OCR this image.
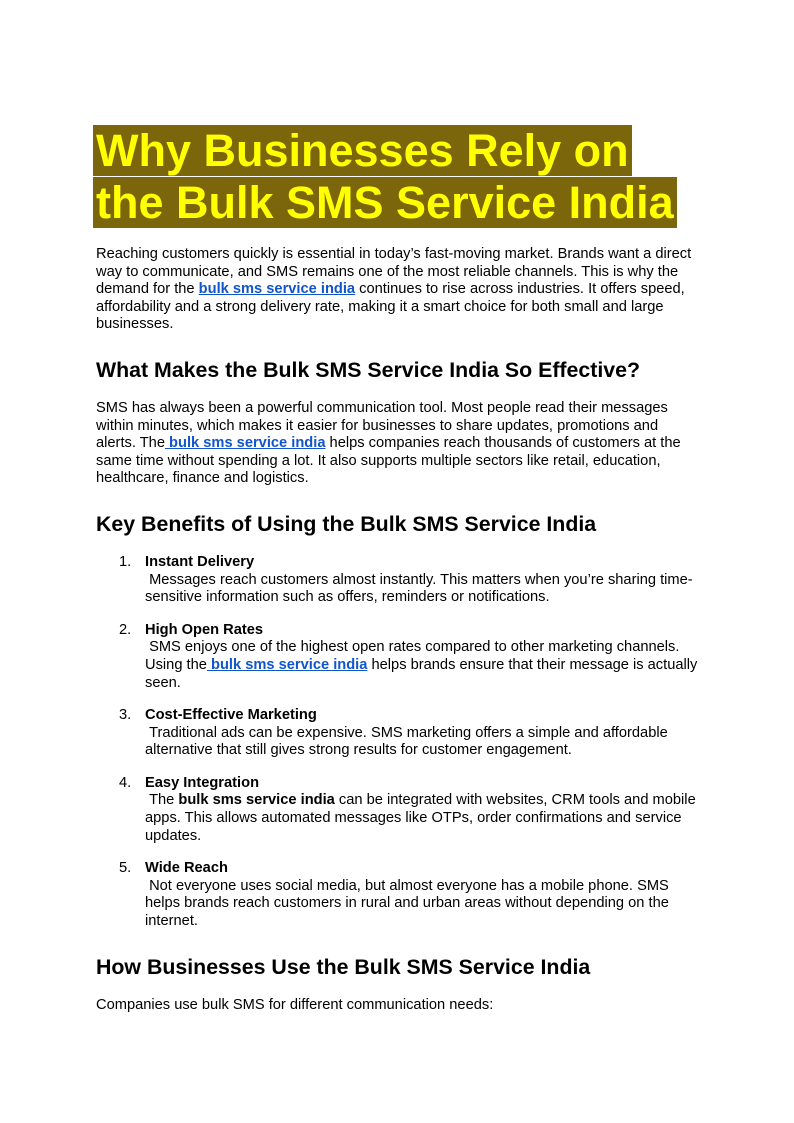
Why Businesses Rely on
the Bulk SMS Service India

Reaching customers quickly is essential in today’s fast-moving market. Brands want a direct way to communicate, and SMS remains one of the most reliable channels. This is why the demand for the bulk sms service india continues to rise across industries. It offers speed, affordability and a strong delivery rate, making it a smart choice for both small and large businesses.

What Makes the Bulk SMS Service India So Effective?

SMS has always been a powerful communication tool. Most people read their messages within minutes, which makes it easier for businesses to share updates, promotions and alerts. The bulk sms service india helps companies reach thousands of customers at the same time without spending a lot. It also supports multiple sectors like retail, education, healthcare, finance and logistics.

Key Benefits of Using the Bulk SMS Service India
1. Instant Delivery
Messages reach customers almost instantly. This matters when you’re sharing time-sensitive information such as offers, reminders or notifications.
2. High Open Rates
SMS enjoys one of the highest open rates compared to other marketing channels. Using the bulk sms service india helps brands ensure that their message is actually seen.
3. Cost-Effective Marketing
Traditional ads can be expensive. SMS marketing offers a simple and affordable alternative that still gives strong results for customer engagement.
4. Easy Integration
The bulk sms service india can be integrated with websites, CRM tools and mobile apps. This allows automated messages like OTPs, order confirmations and service updates.
5. Wide Reach
Not everyone uses social media, but almost everyone has a mobile phone. SMS helps brands reach customers in rural and urban areas without depending on the internet.
How Businesses Use the Bulk SMS Service India

Companies use bulk SMS for different communication needs:
